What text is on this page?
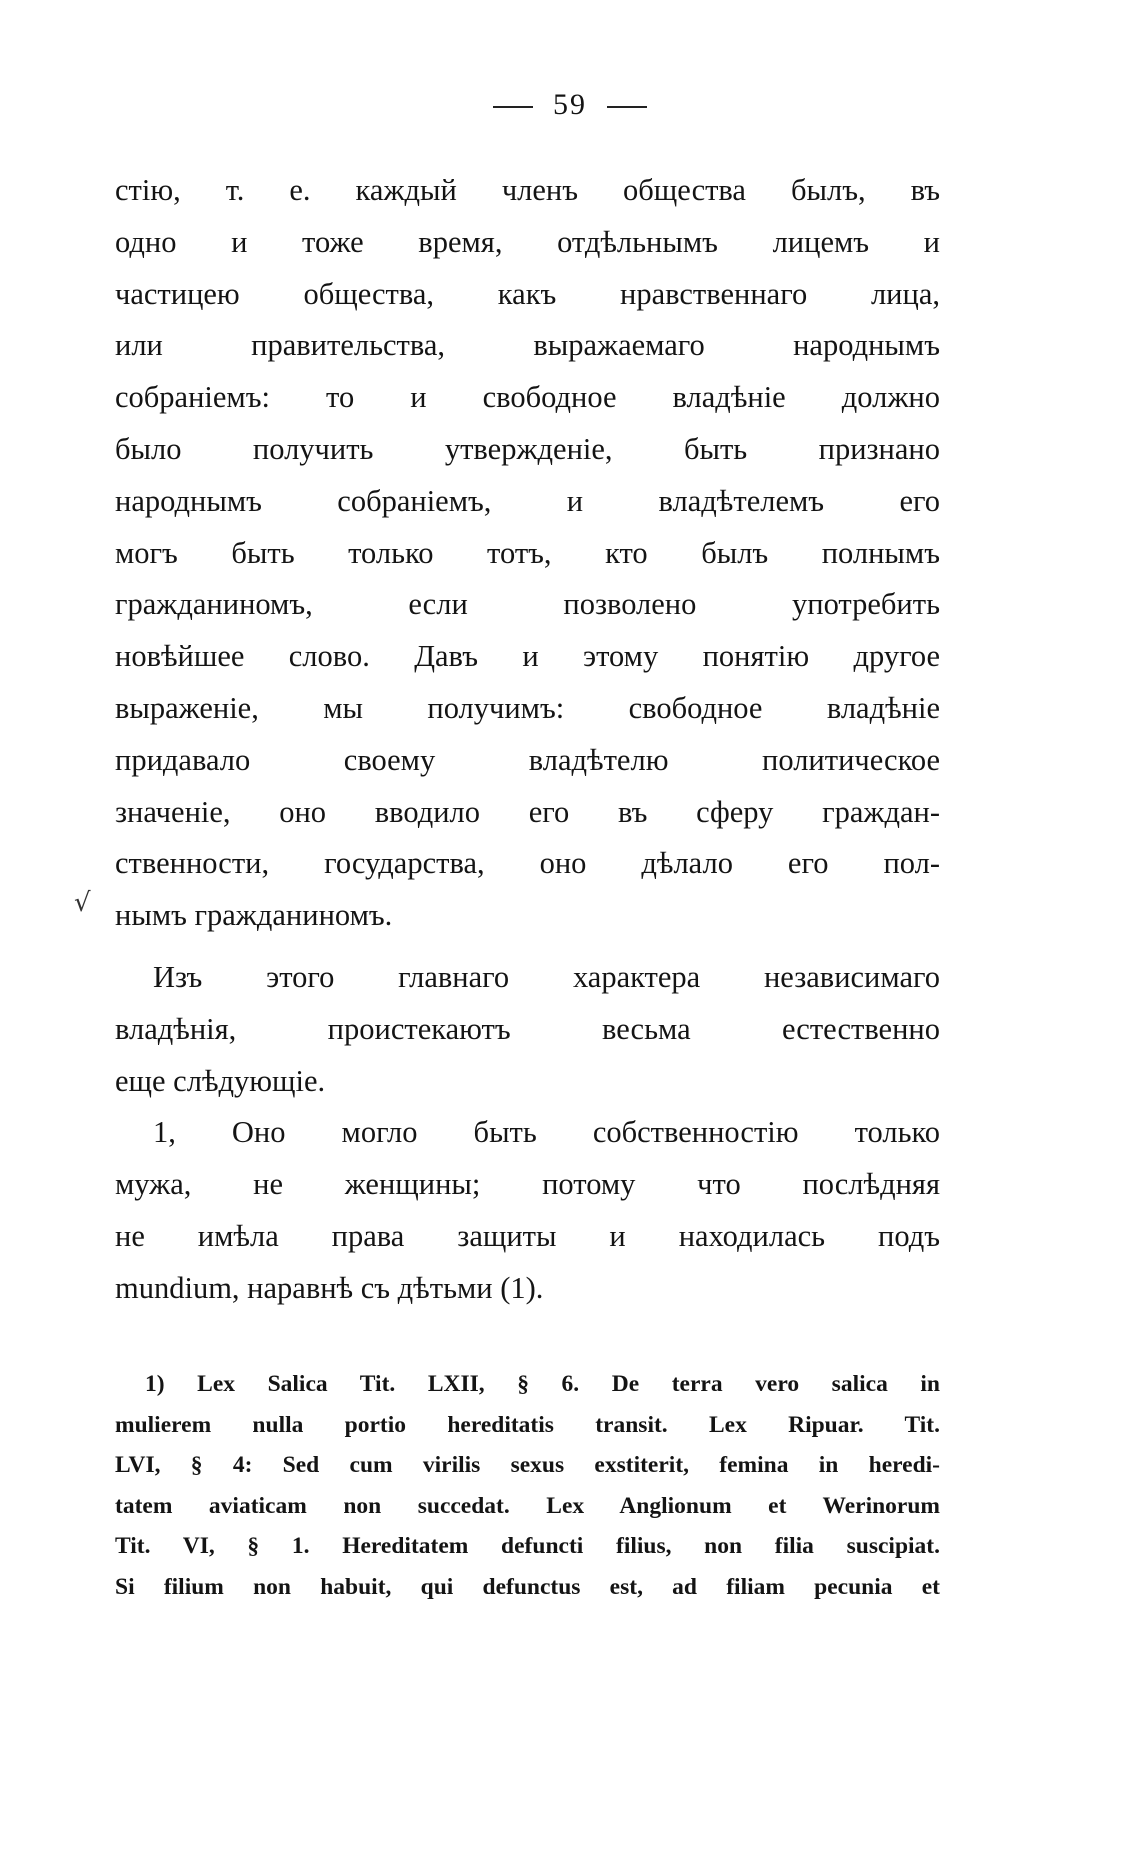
59
√
стію, т. е. каждый членъ общества былъ, въ
одно и тоже время, отдѣльнымъ лицемъ и
частицею общества, какъ нравственнаго лица,
или правительства, выражаемаго народнымъ
собраніемъ: то и свободное владѣніе должно
было получить утвержденіе, быть признано
народнымъ собраніемъ, и владѣтелемъ его
могъ быть только тотъ, кто былъ полнымъ
гражданиномъ, если позволено употребить
новѣйшее слово. Давъ и этому понятію другое
выраженіе, мы получимъ: свободное владѣніе
придавало своему владѣтелю политическое
значеніе, оно вводило его въ сферу граждан-
ственности, государства, оно дѣлало его пол-
нымъ гражданиномъ.
Изъ этого главнаго характера независимаго
владѣнія, проистекаютъ весьма естественно
еще слѣдующіе.
1, Оно могло быть собственностію только
мужа, не женщины; потому что послѣдняя
не имѣла права защиты и находилась подъ
mundium, наравнѣ съ дѣтьми (1).
1) Lex Salica Tit. LXII, § 6. De terra vero salica in
mulierem nulla portio hereditatis transit. Lex Ripuar. Tit.
LVI, § 4: Sed cum virilis sexus exstiterit, femina in heredi-
tatem aviaticam non succedat. Lex Anglionum et Werinorum
Tit. VI, § 1. Hereditatem defuncti filius, non filia suscipiat.
Si filium non habuit, qui defunctus est, ad filiam pecunia et
